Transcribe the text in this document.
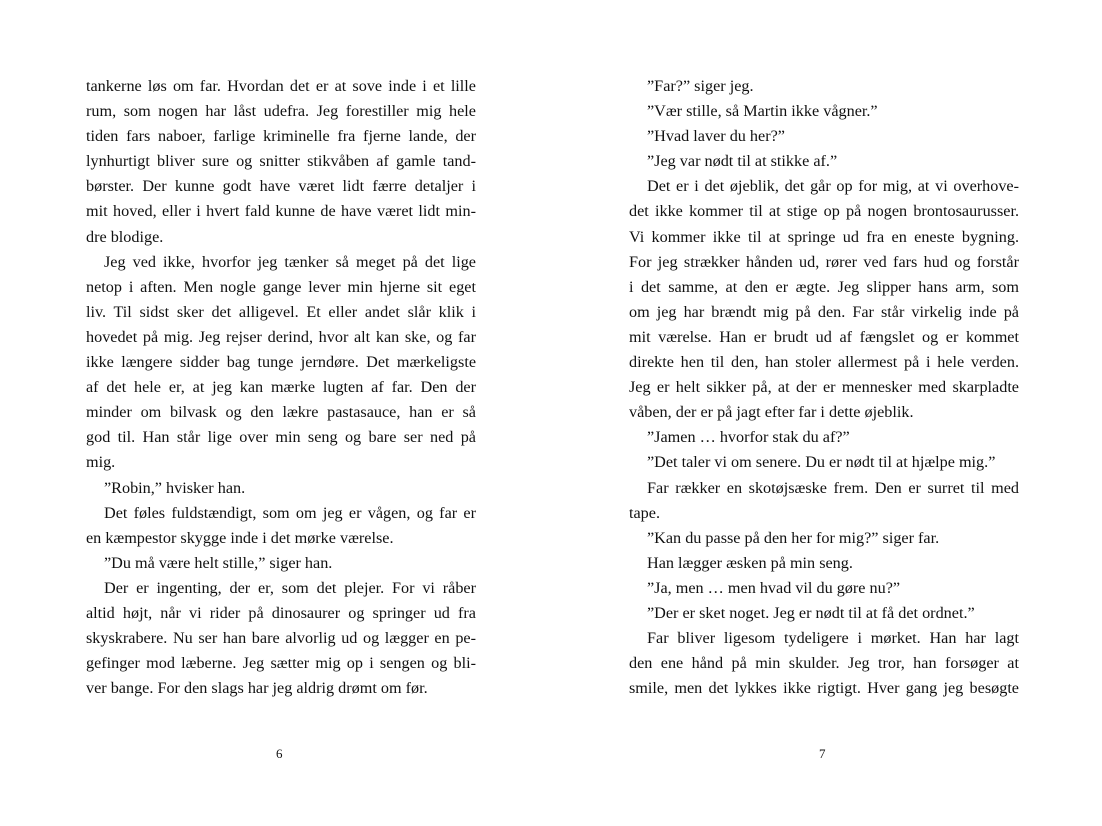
tankerne løs om far. Hvordan det er at sove inde i et lille
rum, som nogen har låst udefra. Jeg forestiller mig hele
tiden fars naboer, farlige kriminelle fra fjerne lande, der
lynhurtigt bliver sure og snitter stikvåben af gamle tand-
børster. Der kunne godt have været lidt færre detaljer i
mit hoved, eller i hvert fald kunne de have været lidt min-
dre blodige.
Jeg ved ikke, hvorfor jeg tænker så meget på det lige
netop i aften. Men nogle gange lever min hjerne sit eget
liv. Til sidst sker det alligevel. Et eller andet slår klik i
hovedet på mig. Jeg rejser derind, hvor alt kan ske, og far
ikke længere sidder bag tunge jerndøre. Det mærkeligste
af det hele er, at jeg kan mærke lugten af far. Den der
minder om bilvask og den lækre pastasauce, han er så
god til. Han står lige over min seng og bare ser ned på
mig.
”Robin,” hvisker han.
Det føles fuldstændigt, som om jeg er vågen, og far er
en kæmpestor skygge inde i det mørke værelse.
”Du må være helt stille,” siger han.
Der er ingenting, der er, som det plejer. For vi råber
altid højt, når vi rider på dinosaurer og springer ud fra
skyskrabere. Nu ser han bare alvorlig ud og lægger en pe-
gefinger mod læberne. Jeg sætter mig op i sengen og bli-
ver bange. For den slags har jeg aldrig drømt om før.
”Far?” siger jeg.
”Vær stille, så Martin ikke vågner.”
”Hvad laver du her?”
”Jeg var nødt til at stikke af.”
Det er i det øjeblik, det går op for mig, at vi overhove-
det ikke kommer til at stige op på nogen brontosaurusser.
Vi kommer ikke til at springe ud fra en eneste bygning.
For jeg strækker hånden ud, rører ved fars hud og forstår
i det samme, at den er ægte. Jeg slipper hans arm, som
om jeg har brændt mig på den. Far står virkelig inde på
mit værelse. Han er brudt ud af fængslet og er kommet
direkte hen til den, han stoler allermest på i hele verden.
Jeg er helt sikker på, at der er mennesker med skarpladte
våben, der er på jagt efter far i dette øjeblik.
”Jamen … hvorfor stak du af?”
”Det taler vi om senere. Du er nødt til at hjælpe mig.”
Far rækker en skotøjsæske frem. Den er surret til med
tape.
”Kan du passe på den her for mig?” siger far.
Han lægger æsken på min seng.
”Ja, men … men hvad vil du gøre nu?”
”Der er sket noget. Jeg er nødt til at få det ordnet.”
Far bliver ligesom tydeligere i mørket. Han har lagt
den ene hånd på min skulder. Jeg tror, han forsøger at
smile, men det lykkes ikke rigtigt. Hver gang jeg besøgte
6	7
